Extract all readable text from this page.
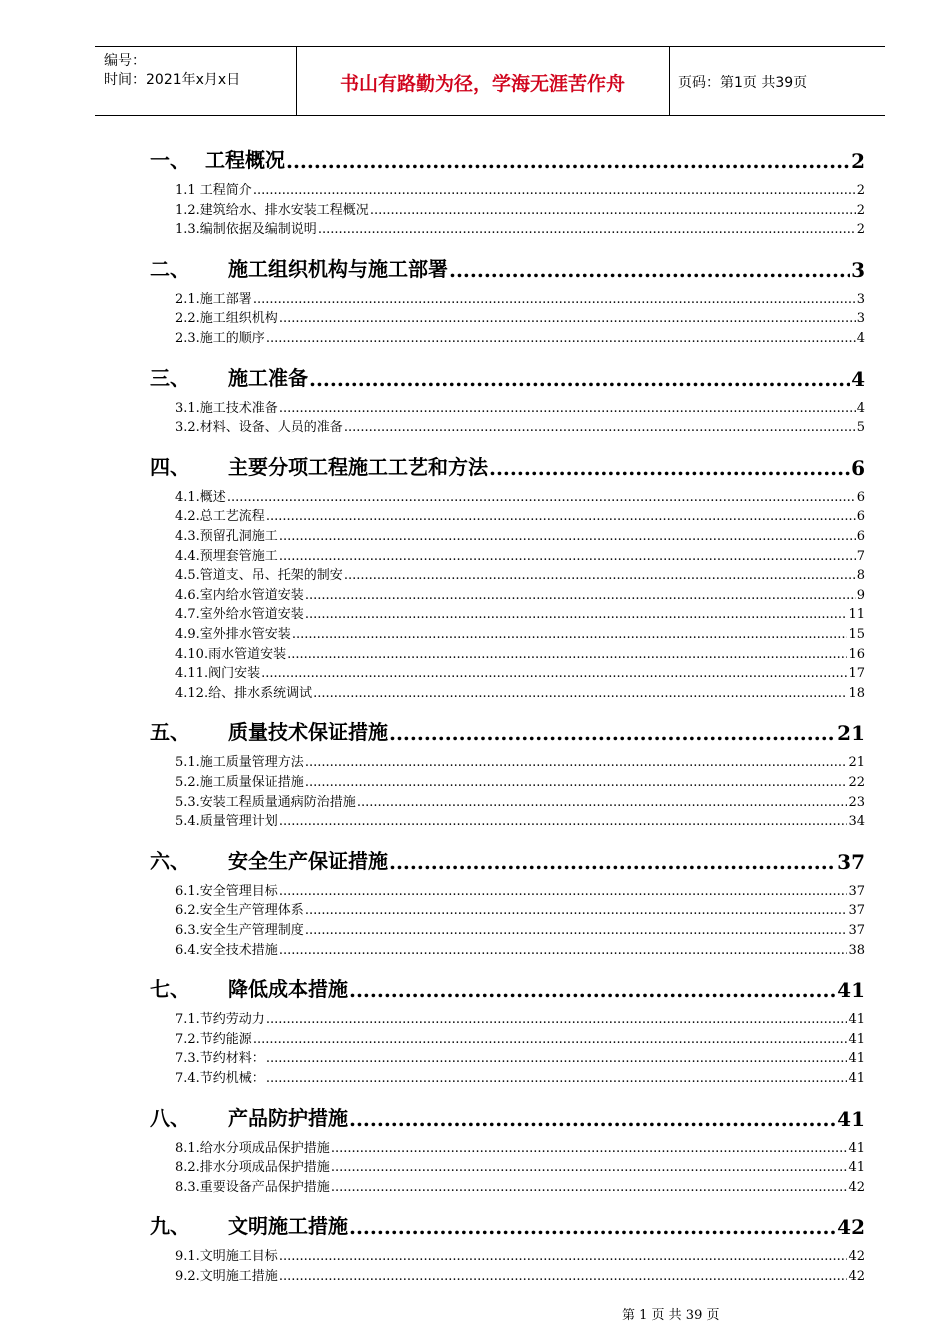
编号：
时间：2021年x月x日	书山有路勤为径，学海无涯苦作舟	页码：第1页 共39页
一、 工程概况 .....	2
1.1 工程简介 .....	2
1.2.建筑给水、排水安装工程概况 .....	2
1.3.编制依据及编制说明 .....	2
二、	施工组织机构与施工部署 .....	3
2.1.施工部署 .....	3
2.2.施工组织机构 .....	3
2.3.施工的顺序 .....	4
三、	施工准备 .....	4
3.1.施工技术准备 .....	4
3.2.材料、设备、人员的准备 .....	5
四、	主要分项工程施工工艺和方法 .....	6
4.1.概述 .....	6
4.2.总工艺流程 .....	6
4.3.预留孔洞施工 .....	6
4.4.预埋套管施工 .....	7
4.5.管道支、吊、托架的制安 .....	8
4.6.室内给水管道安装 .....	9
4.7.室外给水管道安装 .....	11
4.9.室外排水管安装 .....	15
4.10.雨水管道安装 .....	16
4.11.阀门安装 .....	17
4.12.给、排水系统调试 .....	18
五、	质量技术保证措施 .....	21
5.1.施工质量管理方法 .....	21
5.2.施工质量保证措施 .....	22
5.3.安装工程质量通病防治措施 .....	23
5.4.质量管理计划 .....	34
六、	安全生产保证措施 .....	37
6.1.安全管理目标 .....	37
6.2.安全生产管理体系 .....	37
6.3.安全生产管理制度 .....	37
6.4.安全技术措施 .....	38
七、	降低成本措施 .....	41
7.1.节约劳动力 .....	41
7.2.节约能源 .....	41
7.3.节约材料： .....	41
7.4.节约机械： .....	41
八、	产品防护措施 .....	41
8.1.给水分项成品保护措施 .....	41
8.2.排水分项成品保护措施 .....	41
8.3.重要设备产品保护措施 .....	42
九、	文明施工措施 .....	42
9.1.文明施工目标 .....	42
9.2.文明施工措施 .....	42
第 1 页 共 39 页
